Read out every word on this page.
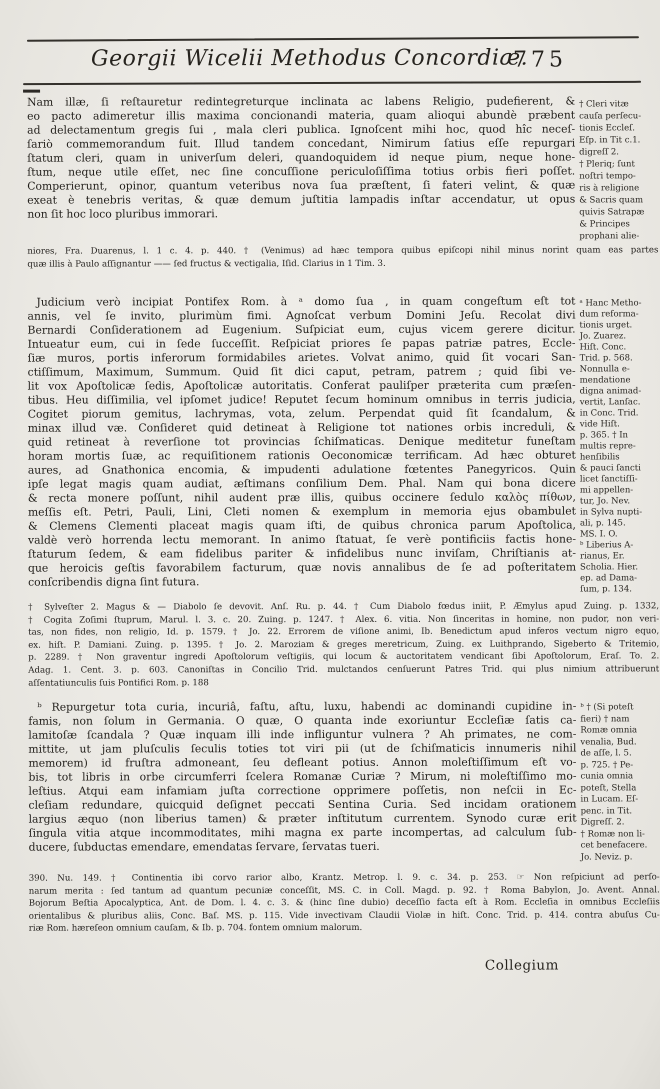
Georgii Wicelii Methodus Concordiæ.
775
Nam illæ, ſi reſtauretur redintegreturque inclinata ac labens Religio, pudefierent, &
eo pacto adimeretur illis maxima concionandi materia, quam alioqui abundè præbent
ad delectamentum gregis ſui , mala cleri publica. Ignoſcent mihi hoc, quod hîc neceſ-
ſariò commemorandum fuit. Illud tandem concedant, Nimirum ſatius eſſe repurgari
ſtatum cleri, quam in univerſum deleri, quandoquidem id neque pium, neque hone-
ſtum, neque utile eſſet, nec ſine concuſſione periculoſiſſima totius orbis fieri poſſet.
Comperierunt, opinor, quantum veteribus nova ſua præſtent, ſi fateri velint, & quæ
exeat è tenebris veritas, & quæ demum juſtitia lampadis inſtar accendatur, ut opus
non ſit hoc loco pluribus immorari.
niores, Fra. Duarenus, l. 1 c. 4. p. 440. † (Venimus) ad hæc tempora quibus epiſcopi nihil minus norint quam eas partes
quæ illis à Paulo aſſignantur —— ſed fructus & vectigalia, Iſid. Clarius in 1 Tim. 3.
Judicium verò incipiat Pontifex Rom. à ᵃ domo ſua , in quam congeſtum eſt tot
annis, vel ſe invito, plurimùm fimi. Agnoſcat verbum Domini Jeſu. Recolat divi
Bernardi Conſiderationem ad Eugenium. Suſpiciat eum, cujus vicem gerere dicitur.
Intueatur eum, cui in ſede ſucceſſit. Reſpiciat priores ſe papas patriæ patres, Eccle-
ſiæ muros, portis inferorum formidabiles arietes. Volvat animo, quid ſit vocari San-
ctiſſimum, Maximum, Summum. Quid ſit dici caput, petram, patrem ; quid ſibi ve-
lit vox Apoſtolicæ ſedis, Apoſtolicæ autoritatis. Conferat pauliſper præterita cum præſen-
tibus. Heu diſſimilia, vel ipſomet judice! Reputet ſecum hominum omnibus in terris judicia,
Cogitet piorum gemitus, lachrymas, vota, zelum. Perpendat quid ſit ſcandalum, &
minax illud væ. Conſideret quid detineat à Religione tot nationes orbis increduli, &
quid retineat à reverſione tot provincias ſchiſmaticas. Denique meditetur funeſtam
horam mortis ſuæ, ac requiſitionem rationis Oeconomicæ terrificam. Ad hæc obturet
aures, ad Gnathonica encomia, & impudenti adulatione fœtentes Panegyricos. Quin
ipſe legat magis quam audiat, æſtimans conſilium Dem. Phal. Nam qui bona dicere
& recta monere poſſunt, nihil audent præ illis, quibus occinere ſedulo καλὸς πίθων,
meſſis eſt. Petri, Pauli, Lini, Cleti nomen & exemplum in memoria ejus obambulet
& Clemens Clementi placeat magis quam iſti, de quibus chronica parum Apoſtolica,
valdè verò horrenda lectu memorant. In animo ſtatuat, ſe verè pontificiis factis hone-
ſtaturum ſedem, & eam fidelibus pariter & infidelibus nunc inviſam, Chriſtianis at-
que heroicis geſtis favorabilem facturum, quæ novis annalibus de ſe ad poſteritatem
conſcribendis digna ſint futura.
† Sylveſter 2. Magus & — Diabolo ſe devovit. Anſ. Ru. p. 44. † Cum Diabolo fœdus iniit, P. Æmylus apud Zuing. p. 1332,
† Cogita Zoſimi ſtuprum, Marul. l. 3. c. 20. Zuing. p. 1247. † Alex. 6. vitia. Non ſinceritas in homine, non pudor, non veri-
tas, non fides, non religio, Id. p. 1579. † Jo. 22. Errorem de viſione animi, Ib. Benedictum apud inferos vectum nigro equo,
ex. hiſt. P. Damiani. Zuing. p. 1395. † Jo. 2. Maroziam & greges meretricum, Zuing. ex Luithprando, Sigeberto & Tritemio,
p. 2289. † Non graventur ingredi Apoſtolorum veſtigiis, qui locum & auctoritatem vendicant ſibi Apoſtolorum, Eraſ. To. 2.
Adag. 1. Cent. 3. p. 603. Canoniſtas in Concilio Trid. mulctandos cenſuerunt Patres Trid. qui plus nimium attribuerunt
aſſentatiunculis ſuis Pontifici Rom. p. 188
ᵇ Repurgetur tota curia, incuriâ, faſtu, aſtu, luxu, habendi ac dominandi cupidine in-
famis, non ſolum in Germania. O quæ, O quanta inde exoriuntur Eccleſiæ ſatis ca-
lamitoſæ ſcandala ? Quæ inquam illi inde infliguntur vulnera ? Ah primates, ne com-
mittite, ut jam pluſculis ſeculis toties tot viri pii (ut de ſchiſmaticis innumeris nihil
memorem) id fruſtra admoneant, ſeu defleant potius. Annon moleſtiſſimum eſt vo-
bis, tot libris in orbe circumferri ſcelera Romanæ Curiæ ? Mirum, ni moleſtiſſimo mo-
leſtius. Atqui eam infamiam juſta correctione opprimere poſſetis, non neſcii in Ec-
cleſiam redundare, quicquid deſignet peccati Sentina Curia. Sed incidam orationem
largius æquo (non liberius tamen) & præter inſtitutum currentem. Synodo curæ erit
ſingula vitia atque incommoditates, mihi magna ex parte incompertas, ad calculum ſub-
ducere, ſubductas emendare, emendatas ſervare, ſervatas tueri.
390. Nu. 149. † Continentia ibi corvo rarior albo, Krantz. Metrop. l. 9. c. 34. p. 253. ☞ Non reſpiciunt ad perſo-
narum merita : ſed tantum ad quantum pecuniæ conceſſit, MS. C. in Coll. Magd. p. 92. † Roma Babylon, Jo. Avent. Annal.
Bojorum Beſtia Apocalyptica, Ant. de Dom. l. 4. c. 3. & (hinc ſine dubio) deceſſio facta eſt à Rom. Eccleſia in omnibus Eccleſiis
orientalibus & pluribus aliis, Conc. Baſ. MS. p. 115. Vide invectivam Claudii Violæ in hiſt. Conc. Trid. p. 414. contra abuſus Cu-
riæ Rom. hæreſeon omnium cauſam, & Ib. p. 704. fontem omnium malorum.
† Cleri vitæ
cauſa perſecu-
tionis Eccleſ.
Eſp. in Tit c.1.
digreſſ 2.
† Pleriq; ſunt
noſtri tempo-
ris à religione
& Sacris quam
quivis Satrapæ
& Principes
prophani alie-
ᵃ Hanc Metho-
dum reforma-
tionis urget.
Jo. Zuarez.
Hiſt. Conc.
Trid. p. 568.
Nonnulla e-
mendatione
digna animad-
vertit, Lanſac.
in Conc. Trid.
vide Hiſt.
p. 365. † In
multis repre-
henſibilis
& pauci ſancti
licet ſanctiſſi-
mi appellen-
tur, Jo. Nev.
in Sylva nupti-
ali, p. 145.
MS. I. O.
ᵇ Liberius A-
rianus, Er.
Scholia. Hier.
ep. ad Dama-
ſum, p. 134.
ᵇ † (Si poteſt
fieri) † nam
Romæ omnia
venalia, Bud.
de aſſe, l. 5.
p. 725. † Pe-
cunia omnia
poteſt, Stella
in Lucam. Eſ-
penc. in Tit.
Digreſſ. 2.
† Romæ non li-
cet benefacere.
Jo. Neviz. p.
Collegium
